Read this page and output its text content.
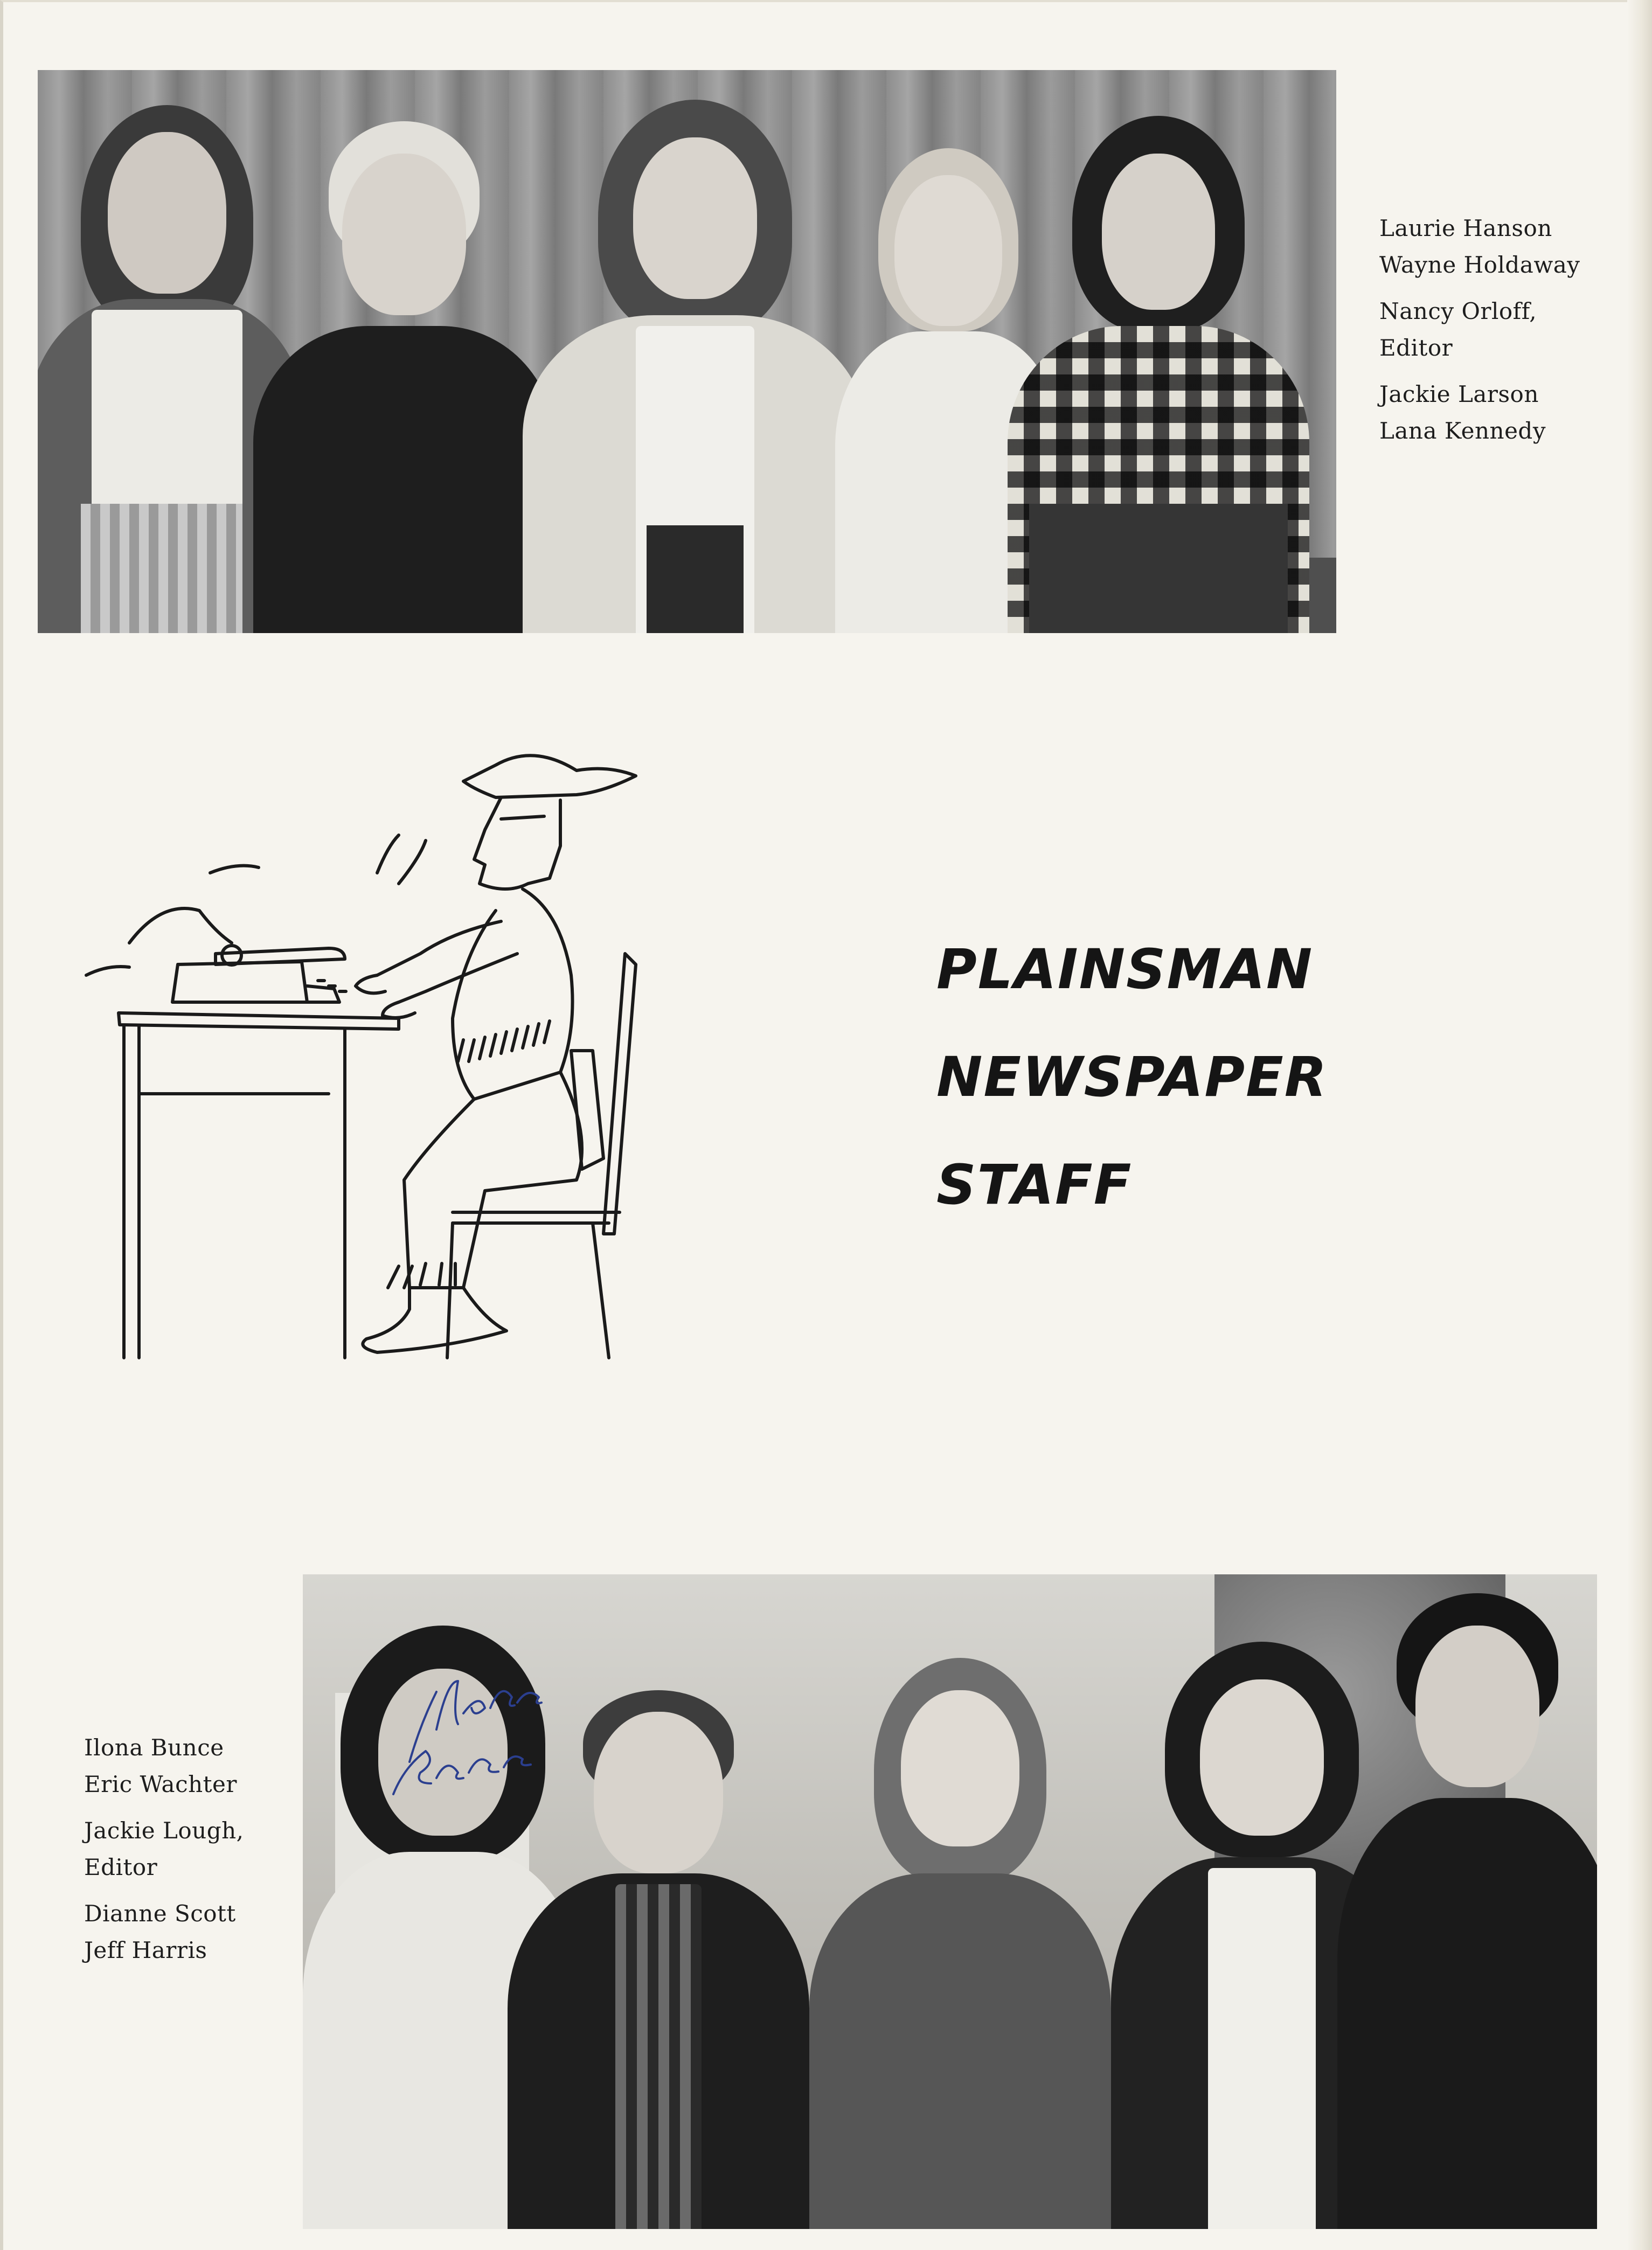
Laurie Hanson
Wayne Holdaway
Nancy Orloff,
Editor
Jackie Larson
Lana Kennedy
PLAINSMAN
NEWSPAPER
STAFF
Ilona Bunce
Eric Wachter
Jackie Lough,
Editor
Dianne Scott
Jeff Harris
